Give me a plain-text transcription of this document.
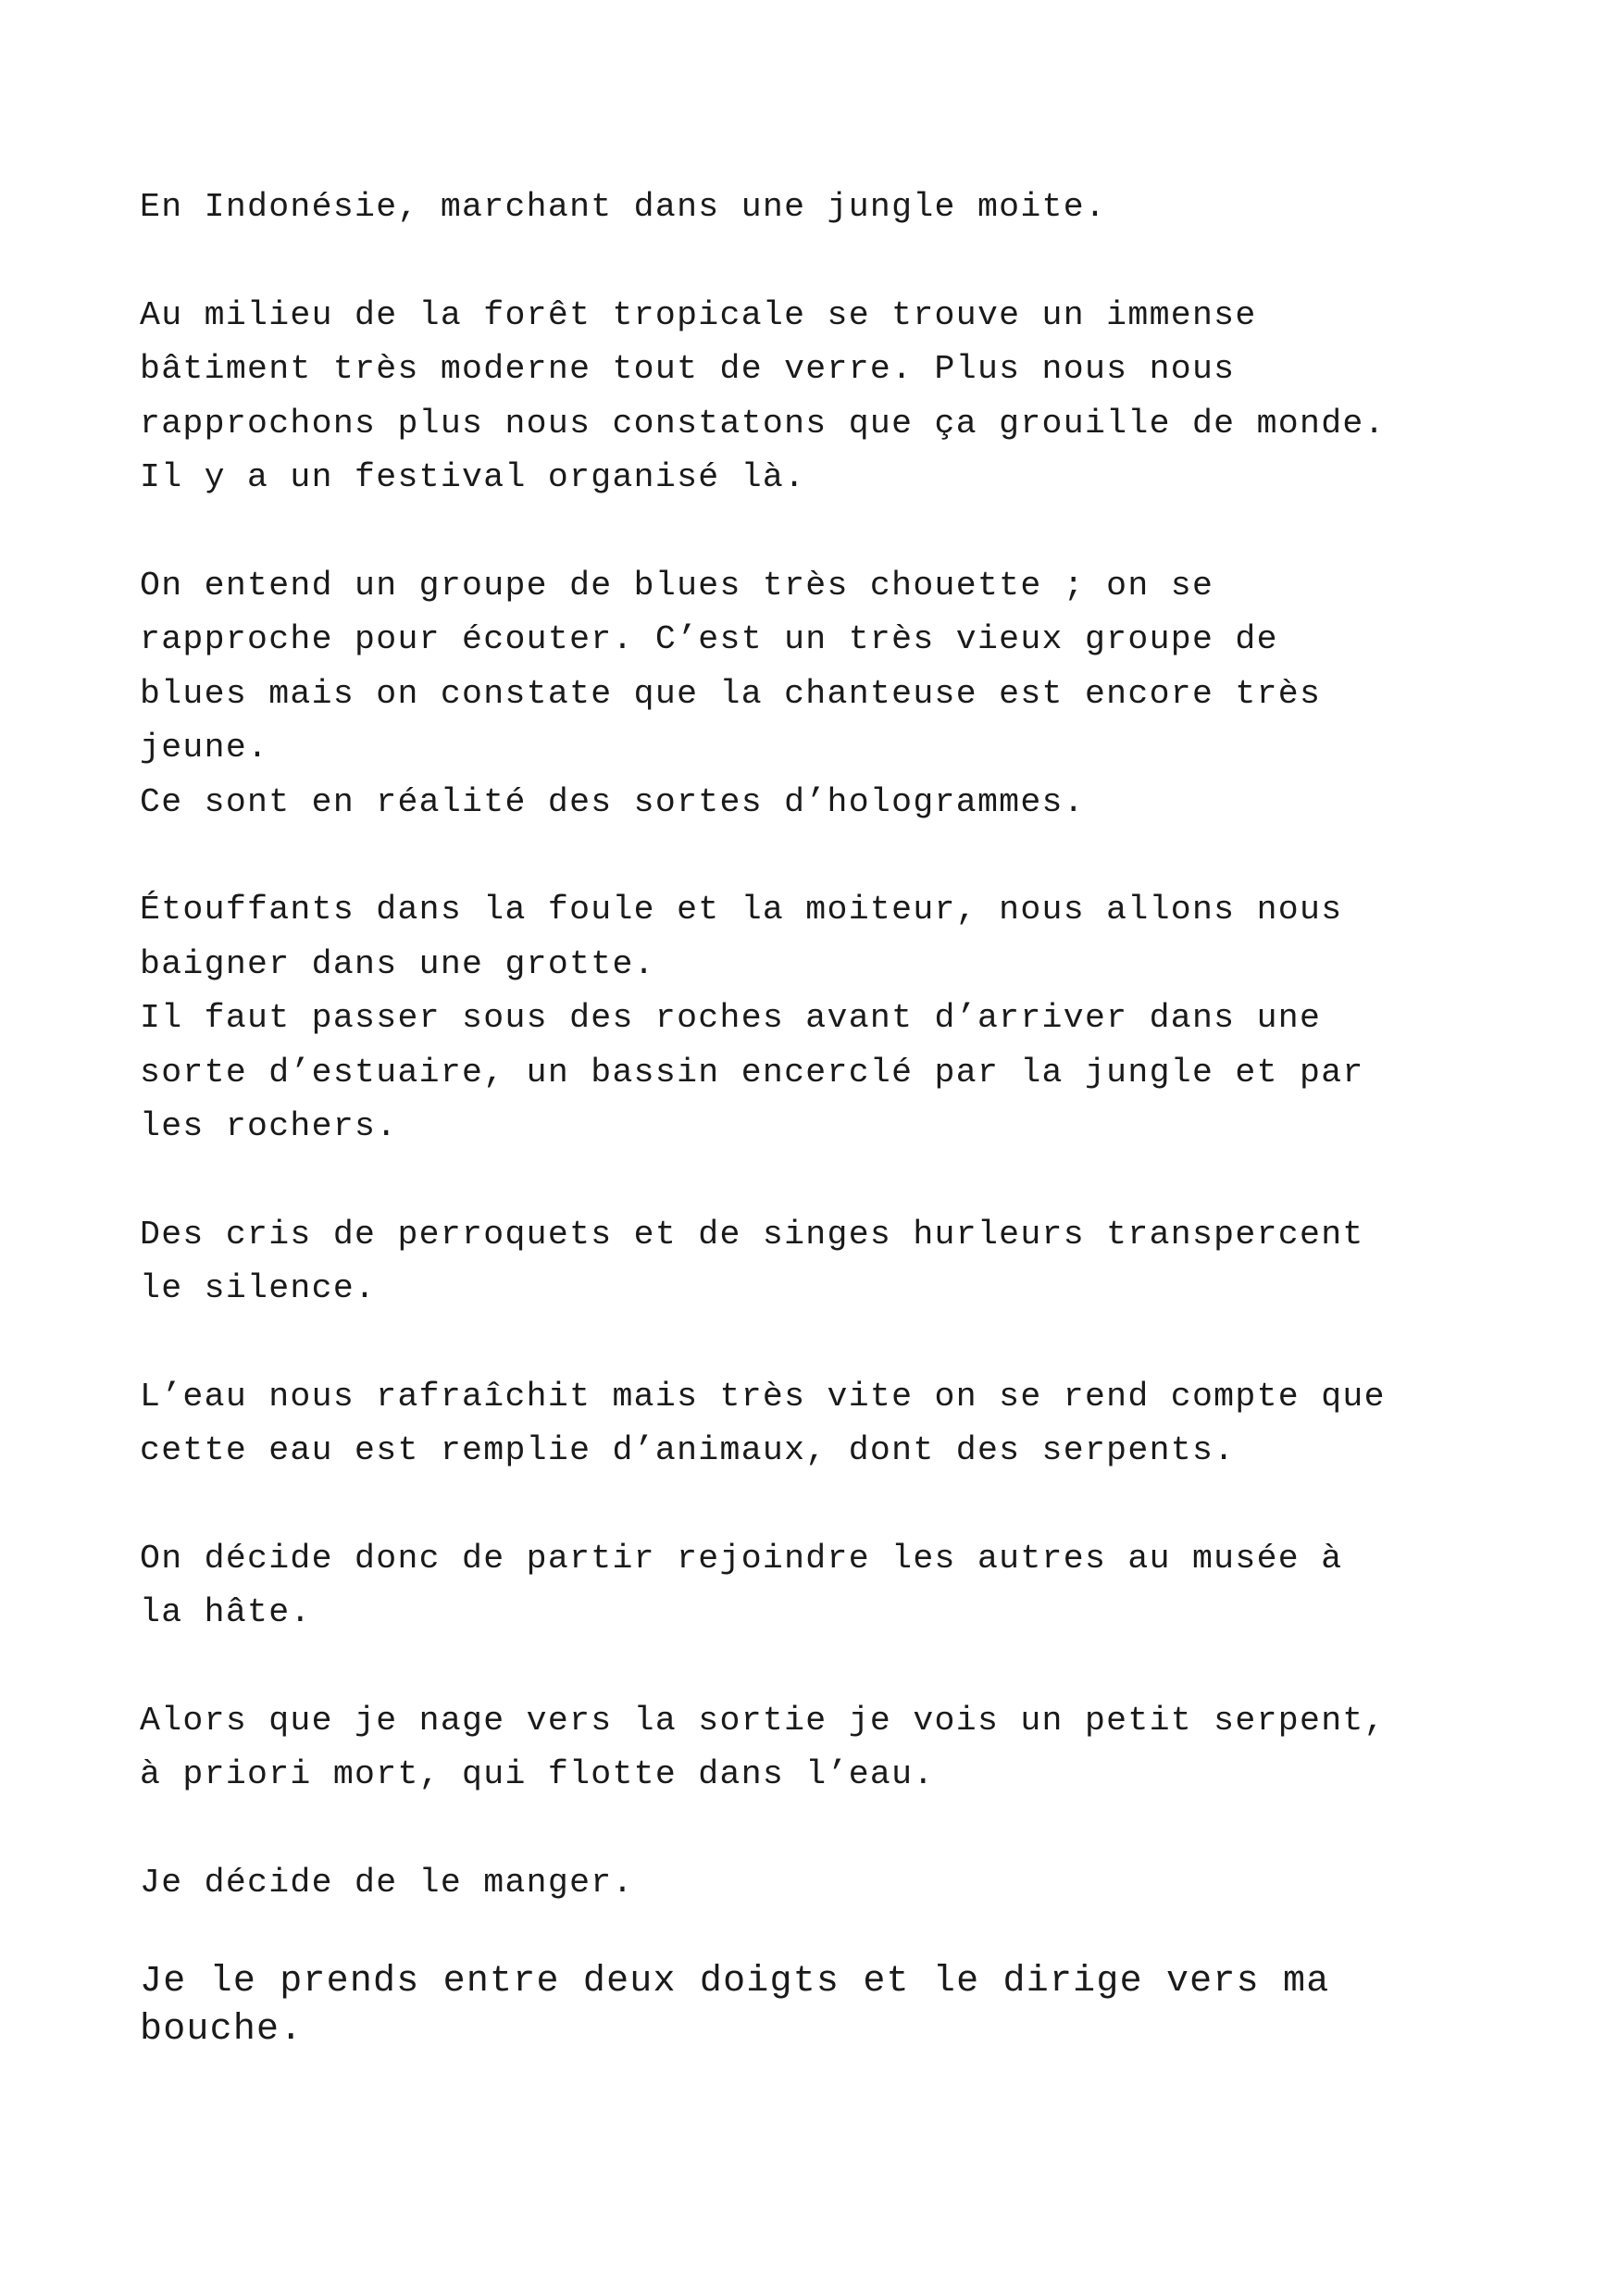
En Indonésie, marchant dans une jungle moite.

Au milieu de la forêt tropicale se trouve un immense
bâtiment très moderne tout de verre. Plus nous nous
rapprochons plus nous constatons que ça grouille de monde.
Il y a un festival organisé là.

On entend un groupe de blues très chouette ; on se
rapproche pour écouter. C’est un très vieux groupe de
blues mais on constate que la chanteuse est encore très
jeune.
Ce sont en réalité des sortes d’hologrammes.

Étouffants dans la foule et la moiteur, nous allons nous
baigner dans une grotte.
Il faut passer sous des roches avant d’arriver dans une
sorte d’estuaire, un bassin encerclé par la jungle et par
les rochers.

Des cris de perroquets et de singes hurleurs transpercent
le silence.

L’eau nous rafraîchit mais très vite on se rend compte que
cette eau est remplie d’animaux, dont des serpents.

On décide donc de partir rejoindre les autres au musée à
la hâte.

Alors que je nage vers la sortie je vois un petit serpent,
à priori mort, qui flotte dans l’eau.

Je décide de le manger.

Je le prends entre deux doigts et le dirige vers ma
bouche.
